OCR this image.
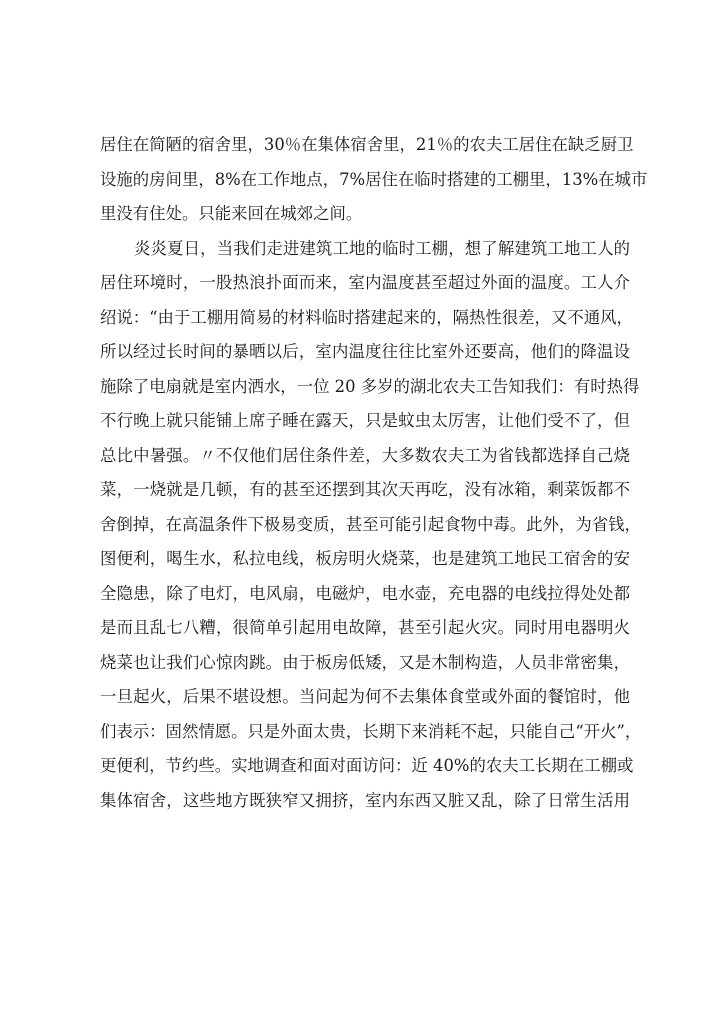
居住在简陋的宿舍里，30％在集体宿舍里，21％的农夫工居住在缺乏厨卫
设施的房间里，8%在工作地点，7%居住在临时搭建的工棚里，13%在城市
里没有住处。只能来回在城郊之间。
炎炎夏日，当我们走进建筑工地的临时工棚，想了解建筑工地工人的
居住环境时，一股热浪扑面而来，室内温度甚至超过外面的温度。工人介
绍说：“由于工棚用简易的材料临时搭建起来的，隔热性很差，又不通风，
所以经过长时间的暴晒以后，室内温度往往比室外还要高，他们的降温设
施除了电扇就是室内洒水，一位 20 多岁的湖北农夫工告知我们：有时热得
不行晚上就只能铺上席子睡在露天，只是蚊虫太厉害，让他们受不了，但
总比中暑强。〃不仅他们居住条件差，大多数农夫工为省钱都选择自己烧
菜，一烧就是几顿，有的甚至还摆到其次天再吃，没有冰箱，剩菜饭都不
舍倒掉，在高温条件下极易变质，甚至可能引起食物中毒。此外，为省钱，
图便利，喝生水，私拉电线，板房明火烧菜，也是建筑工地民工宿舍的安
全隐患，除了电灯，电风扇，电磁炉，电水壶，充电器的电线拉得处处都
是而且乱七八糟，很简单引起用电故障，甚至引起火灾。同时用电器明火
烧菜也让我们心惊肉跳。由于板房低矮，又是木制构造，人员非常密集，
一旦起火，后果不堪设想。当问起为何不去集体食堂或外面的餐馆时，他
们表示：固然情愿。只是外面太贵，长期下来消耗不起，只能自己“开火”，
更便利，节约些。实地调查和面对面访问：近 40%的农夫工长期在工棚或
集体宿舍，这些地方既狭窄又拥挤，室内东西又脏又乱，除了日常生活用
